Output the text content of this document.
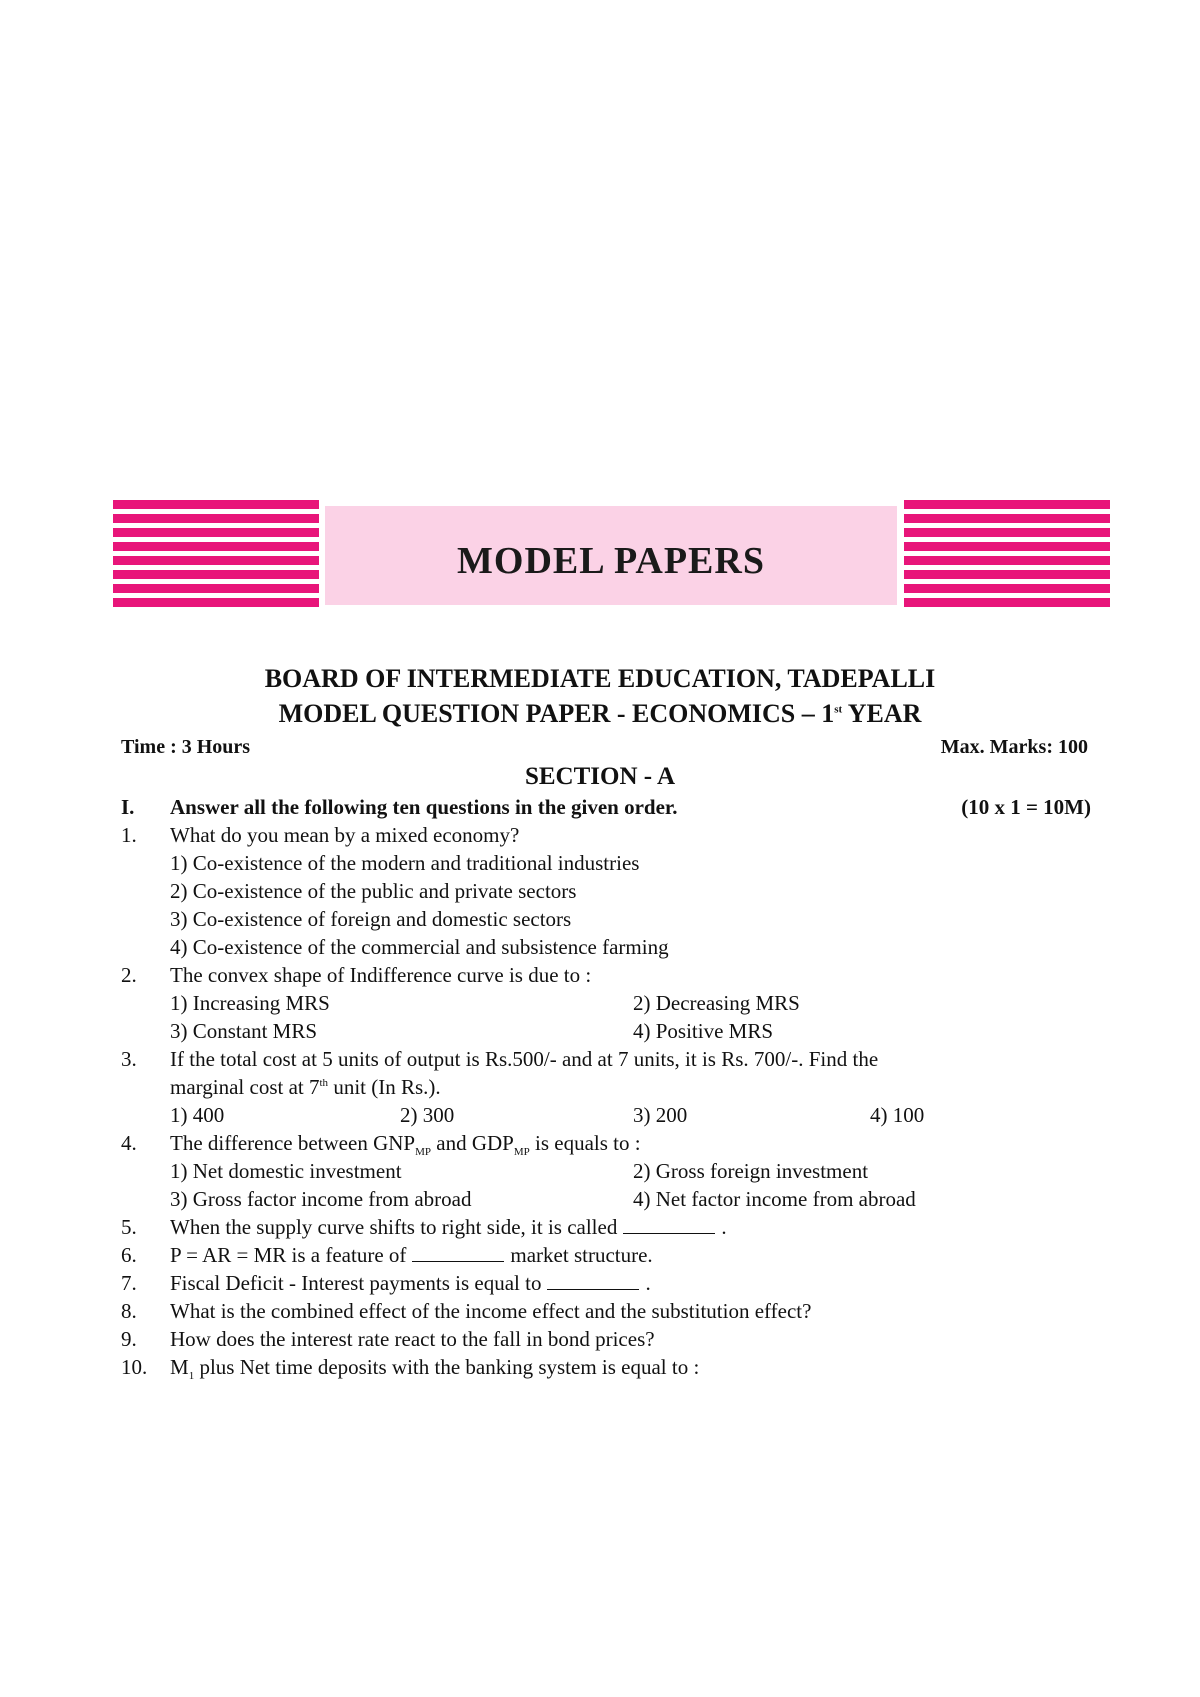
MODEL PAPERS
BOARD OF INTERMEDIATE EDUCATION, TADEPALLI
MODEL QUESTION PAPER - ECONOMICS – 1st YEAR
Time : 3 Hours	Max. Marks: 100
SECTION - A
I. Answer all the following ten questions in the given order.	(10 x 1 = 10M)
1. What do you mean by a mixed economy?
1) Co-existence of the modern and traditional industries
2) Co-existence of the public and private sectors
3) Co-existence of foreign and domestic sectors
4) Co-existence of the commercial and subsistence farming
2. The convex shape of Indifference curve is due to :
1) Increasing MRS	2) Decreasing MRS
3) Constant MRS	4) Positive MRS
3. If the total cost at 5 units of output is Rs.500/- and at 7 units, it is Rs. 700/-. Find the
marginal cost at 7th unit (In Rs.).
1) 400	2) 300	3) 200	4) 100
4. The difference between $GNP_{MP}$ and $GDP_{MP}$ is equals to :
1) Net domestic investment	2) Gross foreign investment
3) Gross factor income from abroad	4) Net factor income from abroad
5. When the supply curve shifts to right side, it is called	.
6. P = AR = MR is a feature of	market structure.
7. Fiscal Deficit - Interest payments is equal to	.
8. What is the combined effect of the income effect and the substitution effect?
9. How does the interest rate react to the fall in bond prices?
10. $M_1$ plus Net time deposits with the banking system is equal to :
